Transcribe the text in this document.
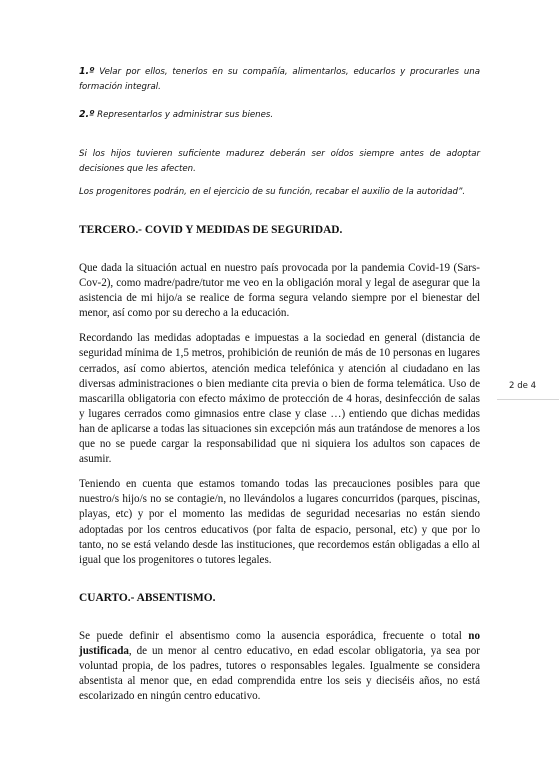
1.º Velar por ellos, tenerlos en su compañía, alimentarlos, educarlos y procurarles una formación integral.

2.º Representarlos y administrar sus bienes.

Si los hijos tuvieren suficiente madurez deberán ser oídos siempre antes de adoptar decisiones que les afecten.

Los progenitores podrán, en el ejercicio de su función, recabar el auxilio de la autoridad”.

TERCERO.- COVID Y MEDIDAS DE SEGURIDAD.

Que dada la situación actual en nuestro país provocada por la pandemia Covid-19 (Sars-Cov-2), como madre/padre/tutor me veo en la obligación moral y legal de asegurar que la asistencia de mi hijo/a se realice de forma segura velando siempre por el bienestar del menor, así como por su derecho a la educación.

Recordando las medidas adoptadas e impuestas a la sociedad en general (distancia de seguridad mínima de 1,5 metros, prohibición de reunión de más de 10 personas en lugares cerrados, así como abiertos, atención medica telefónica y atención al ciudadano en las diversas administraciones o bien mediante cita previa o bien de forma telemática. Uso de mascarilla obligatoria con efecto máximo de protección de 4 horas, desinfección de salas y lugares cerrados como gimnasios entre clase y clase …) entiendo que dichas medidas han de aplicarse a todas las situaciones sin excepción más aun tratándose de menores a los que no se puede cargar la responsabilidad que ni siquiera los adultos son capaces de asumir.

Teniendo en cuenta que estamos tomando todas las precauciones posibles para que nuestro/s hijo/s no se contagie/n, no llevándolos a lugares concurridos (parques, piscinas, playas, etc) y por el momento las medidas de seguridad necesarias no están siendo adoptadas por los centros educativos (por falta de espacio, personal, etc) y que por lo tanto, no se está velando desde las instituciones, que recordemos están obligadas a ello al igual que los progenitores o tutores legales.

CUARTO.- ABSENTISMO.

Se puede definir el absentismo como la ausencia esporádica, frecuente o total no justificada, de un menor al centro educativo, en edad escolar obligatoria, ya sea por voluntad propia, de los padres, tutores o responsables legales. Igualmente se considera absentista al menor que, en edad comprendida entre los seis y dieciséis años, no está escolarizado en ningún centro educativo.

2 de 4
